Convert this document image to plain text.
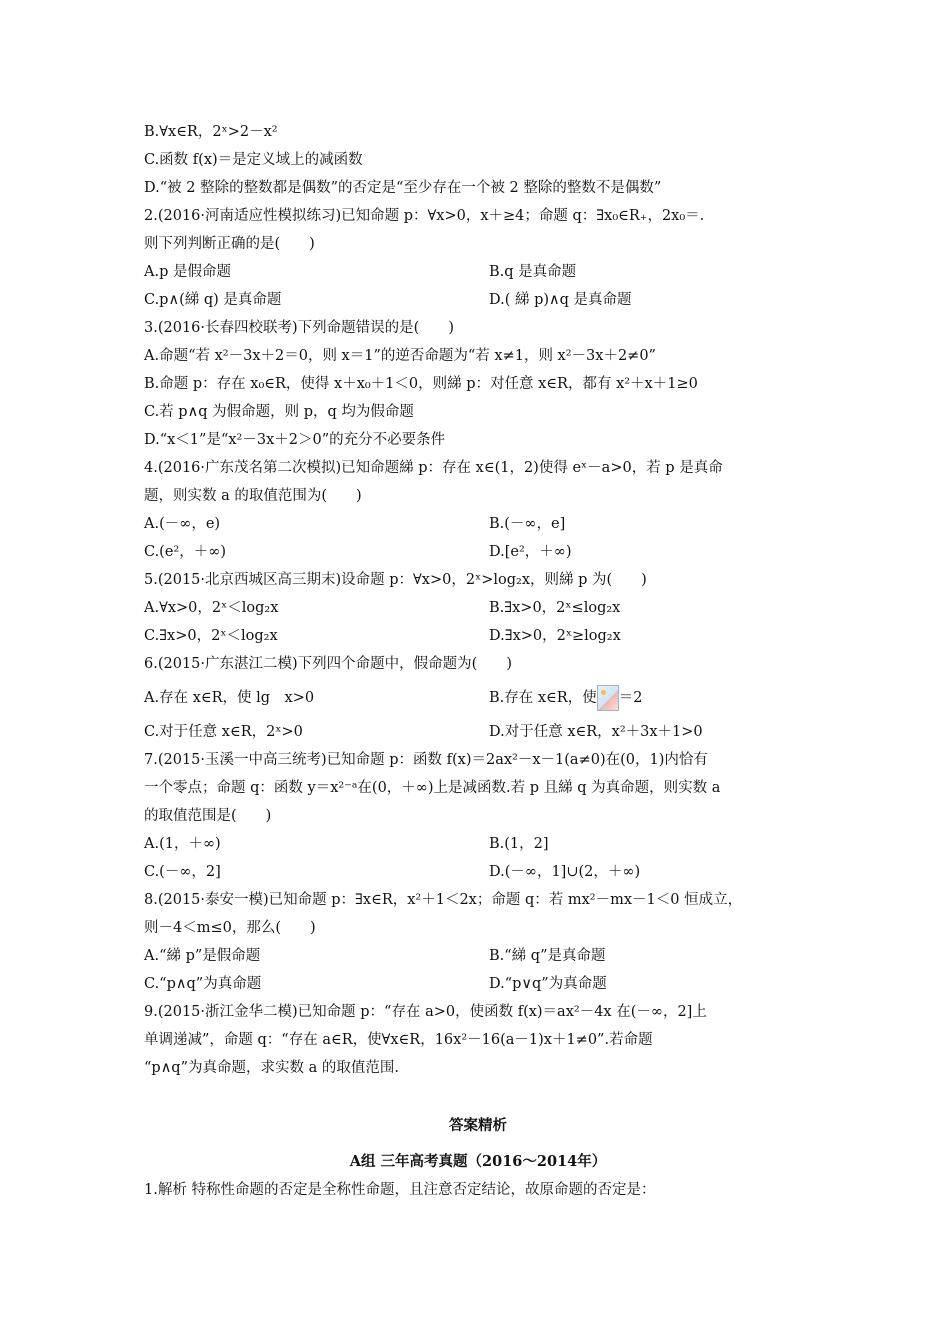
B.∀x∈R，2ˣ>2－x²
C.函数 f(x)＝是定义域上的减函数
D.“被 2 整除的整数都是偶数”的否定是“至少存在一个被 2 整除的整数不是偶数”
2.(2016·河南适应性模拟练习)已知命题 p：∀x>0，x＋≥4；命题 q：∃x₀∈R₊，2x₀＝.
则下列判断正确的是(　　)
A.p 是假命题	B.q 是真命题
C.p∧(綈 q) 是真命题	D.( 綈 p)∧q 是真命题
3.(2016·长春四校联考)下列命题错误的是(　　)
A.命题“若 x²－3x＋2＝0，则 x＝1”的逆否命题为“若 x≠1，则 x²－3x＋2≠0”
B.命题 p：存在 x₀∈R，使得 x＋x₀＋1＜0，则綈 p：对任意 x∈R，都有 x²＋x＋1≥0
C.若 p∧q 为假命题，则 p，q 均为假命题
D.“x＜1”是“x²－3x＋2＞0”的充分不必要条件
4.(2016·广东茂名第二次模拟)已知命题綈 p：存在 x∈(1，2)使得 eˣ－a>0，若 p 是真命
题，则实数 a 的取值范围为(　　)
A.(－∞，e)	B.(－∞，e]
C.(e²，＋∞)	D.[e²，＋∞)
5.(2015·北京西城区高三期末)设命题 p：∀x>0，2ˣ>log₂x，则綈 p 为(　　)
A.∀x>0，2ˣ＜log₂x	B.∃x>0，2ˣ≤log₂x
C.∃x>0，2ˣ＜log₂x	D.∃x>0，2ˣ≥log₂x
6.(2015·广东湛江二模)下列四个命题中，假命题为(　　)
A.存在 x∈R，使 lg　x>0	B.存在 x∈R，使 ＝2
C.对于任意 x∈R，2ˣ>0	D.对于任意 x∈R，x²＋3x＋1>0
7.(2015·玉溪一中高三统考)已知命题 p：函数 f(x)＝2ax²－x－1(a≠0)在(0，1)内恰有
一个零点；命题 q：函数 y＝x²⁻ᵃ在(0，＋∞)上是减函数.若 p 且綈 q 为真命题，则实数 a
的取值范围是(　　)
A.(1，＋∞)	B.(1，2]
C.(－∞，2]	D.(－∞，1]∪(2，＋∞)
8.(2015·泰安一模)已知命题 p：∃x∈R，x²＋1＜2x；命题 q：若 mx²－mx－1＜0 恒成立，
则－4＜m≤0，那么(　　)
A.“綈 p”是假命题	B.“綈 q”是真命题
C.“p∧q”为真命题	D.“p∨q”为真命题
9.(2015·浙江金华二模)已知命题 p：“存在 a>0，使函数 f(x)＝ax²－4x 在(－∞，2]上
单调递减”，命题 q：“存在 a∈R，使∀x∈R，16x²－16(a－1)x＋1≠0”.若命题
“p∧q”为真命题，求实数 a 的取值范围.
答案精析
A组 三年高考真题（2016～2014年）
1.解析 特称性命题的否定是全称性命题，且注意否定结论，故原命题的否定是：
